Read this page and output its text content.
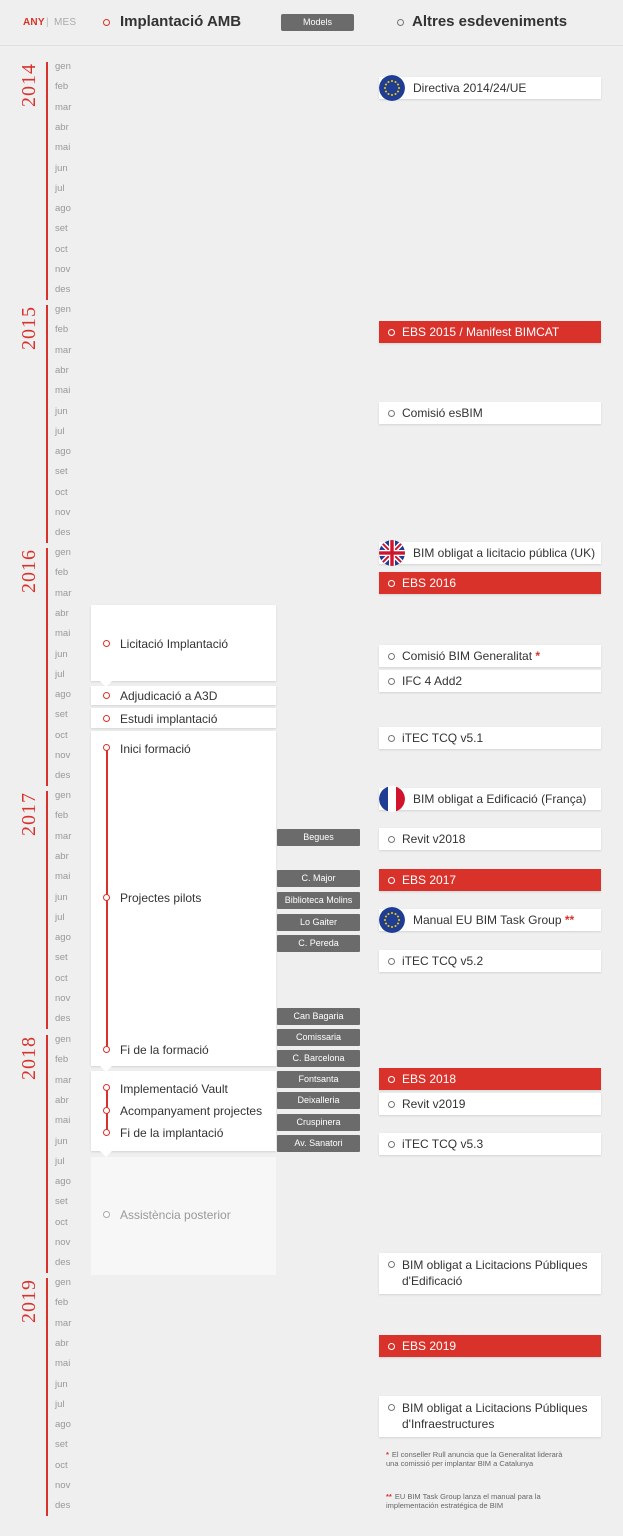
ANY | MES	Implantació AMB	Models	Altres esdeveniments
2014 gen
feb
mar
abr
mai
jun
jul
ago
set
oct
nov
des
2015 gen
feb
mar
abr
mai
jun
jul
ago
set
oct
nov
des
2016 gen
feb
mar
abr
mai
jun
jul
ago
set
oct
nov
des
2017 gen
feb
mar
abr
mai
jun
jul
ago
set
oct
nov
des
2018 gen
feb
mar
abr
mai
jun
jul
ago
set
oct
nov
des
2019 gen
feb
mar
abr
mai
jun
jul
ago
set
oct
nov
des
Licitació Implantació
Adjudicació a A3D
Estudi implantació
Inici formació
Projectes pilots
Fi de la formació
Implementació Vault
Acompanyament projectes
Fi de la implantació
Assistència posterior
Begues
C. Major
Biblioteca Molins
Lo Gaiter
C. Pereda
Can Bagaria
Comissaria
C. Barcelona
Fontsanta
Deixalleria
Cruspinera
Av. Sanatori
Directiva 2014/24/UE
EBS 2015 / Manifest BIMCAT
Comisió esBIM
BIM obligat a licitacio pública (UK)
EBS 2016
Comisió BIM Generalitat *
IFC 4 Add2
iTEC TCQ v5.1
BIM obligat a Edificació (França)
Revit v2018
EBS 2017
Manual EU BIM Task Group **
iTEC TCQ v5.2
EBS 2018
Revit v2019
iTEC TCQ v5.3
BIM obligat a Licitacions Públiques d'Edificació
EBS 2019
BIM obligat a Licitacions Públiques d'Infraestructures
* El conseller Rull anuncia que la Generalitat liderarà una comissió per implantar BIM a Catalunya
** EU BIM Task Group lanza el manual para la implementación estratégica de BIM
